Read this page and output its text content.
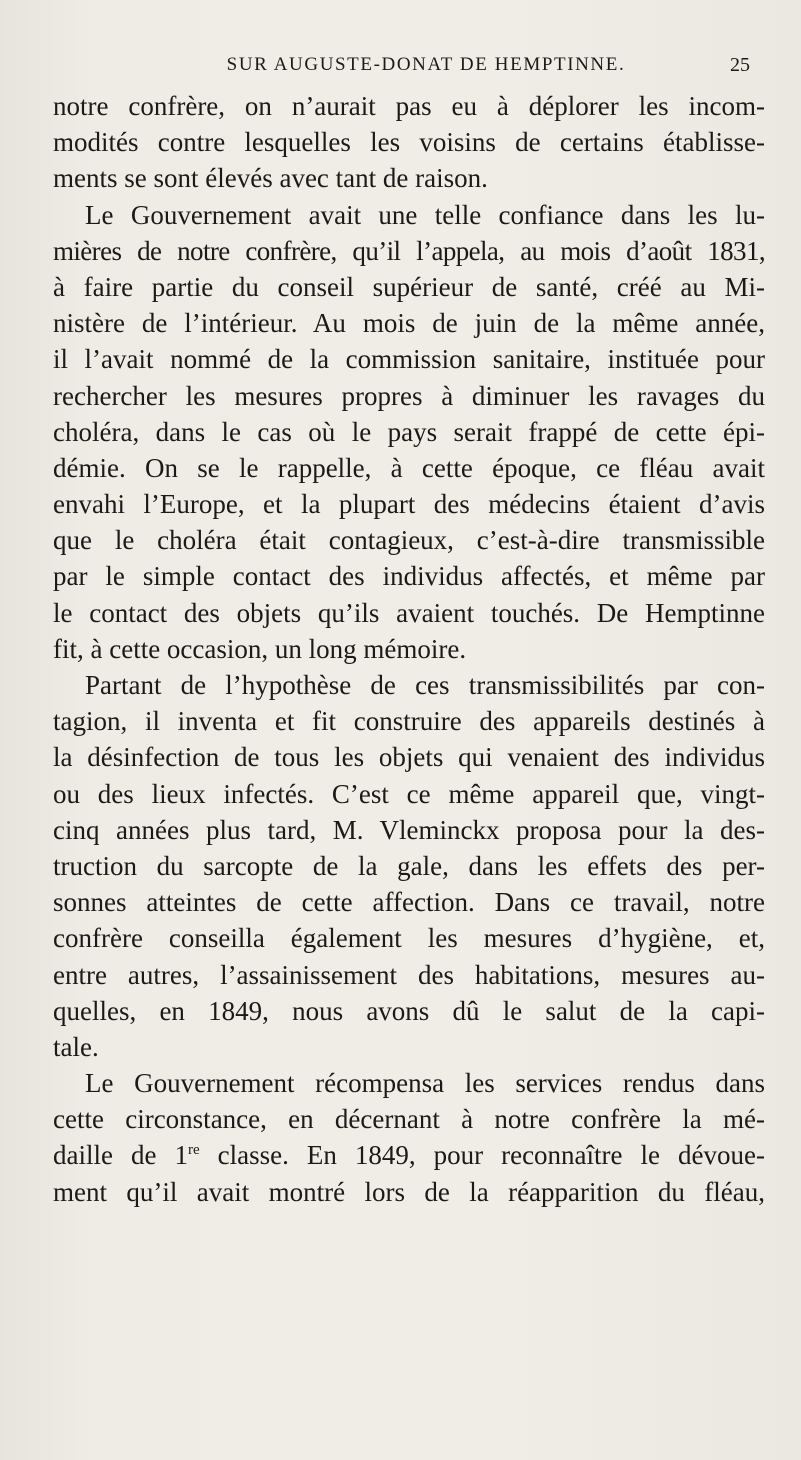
SUR AUGUSTE-DONAT DE HEMPTINNE.	25
notre confrère, on n’aurait pas eu à déplorer les incom-
modités contre lesquelles les voisins de certains établisse-
ments se sont élevés avec tant de raison.
Le Gouvernement avait une telle confiance dans les lu-
mières de notre confrère, qu’il l’appela, au mois d’août 1831,
à faire partie du conseil supérieur de santé, créé au Mi-
nistère de l’intérieur. Au mois de juin de la même année,
il l’avait nommé de la commission sanitaire, instituée pour
rechercher les mesures propres à diminuer les ravages du
choléra, dans le cas où le pays serait frappé de cette épi-
démie. On se le rappelle, à cette époque, ce fléau avait
envahi l’Europe, et la plupart des médecins étaient d’avis
que le choléra était contagieux, c’est-à-dire transmissible
par le simple contact des individus affectés, et même par
le contact des objets qu’ils avaient touchés. De Hemptinne
fit, à cette occasion, un long mémoire.
Partant de l’hypothèse de ces transmissibilités par con-
tagion, il inventa et fit construire des appareils destinés à
la désinfection de tous les objets qui venaient des individus
ou des lieux infectés. C’est ce même appareil que, vingt-
cinq années plus tard, M. Vleminckx proposa pour la des-
truction du sarcopte de la gale, dans les effets des per-
sonnes atteintes de cette affection. Dans ce travail, notre
confrère conseilla également les mesures d’hygiène, et,
entre autres, l’assainissement des habitations, mesures au-
quelles, en 1849, nous avons dû le salut de la capi-
tale.
Le Gouvernement récompensa les services rendus dans
cette circonstance, en décernant à notre confrère la mé-
daille de 1re classe. En 1849, pour reconnaître le dévoue-
ment qu’il avait montré lors de la réapparition du fléau,
